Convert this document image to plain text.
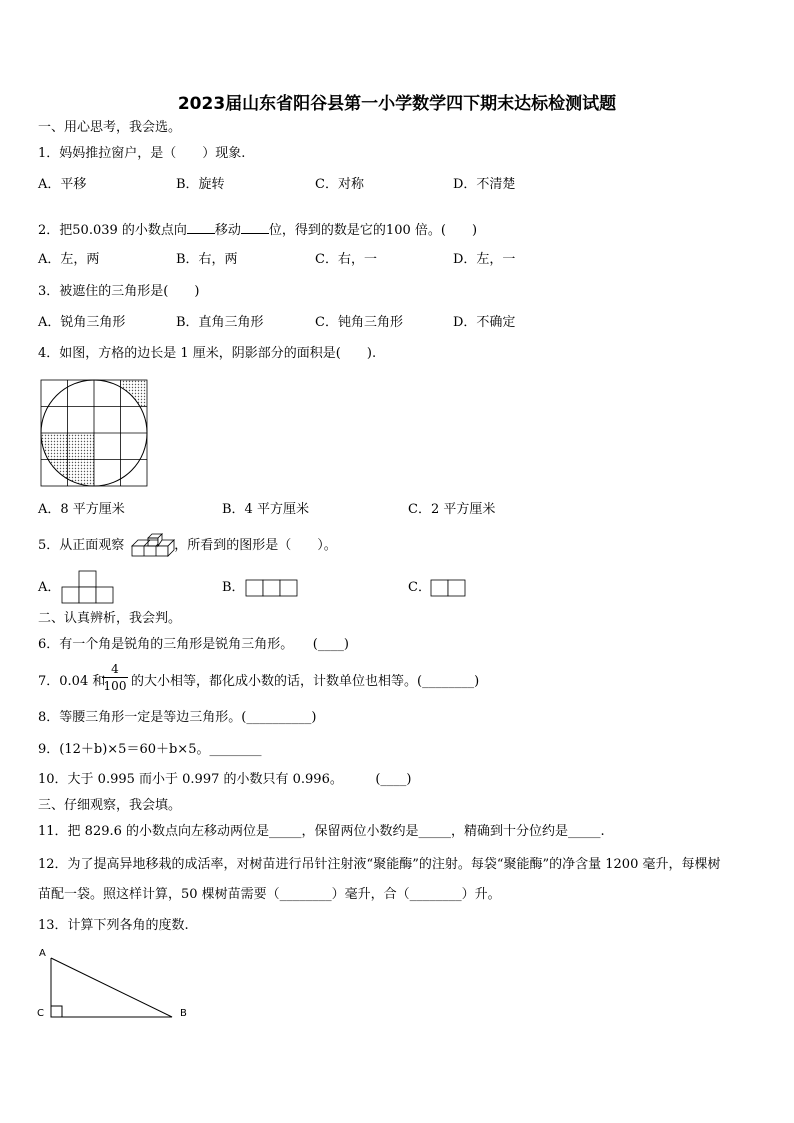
2023届山东省阳谷县第一小学数学四下期末达标检测试题
一、用心思考，我会选。
1．妈妈推拉窗户，是（　　）现象.
A．平移	B．旋转	C．对称	D．不清楚
2．把50.039 的小数点向 移动 位，得到的数是它的100 倍。(　　)
A．左，两	B．右，两	C．右，一	D．左，一
3．被遮住的三角形是(　　)
A．锐角三角形	B．直角三角形	C．钝角三角形	D．不确定
4．如图，方格的边长是 1 厘米，阴影部分的面积是(　　).
A．8 平方厘米	B．4 平方厘米	C．2 平方厘米
5．从正面观察	，所看到的图形是（　　）。
A．	B．	C．
二、认真辨析，我会判。
6．有一个角是锐角的三角形是锐角三角形。　　(____)
7．0.04 和
4
100 的大小相等，都化成小数的话，计数单位也相等。(________)
8．等腰三角形一定是等边三角形。(__________)
9．(12＋b)×5＝60＋b×5。________
10．大于 0.995 而小于 0.997 的小数只有 0.996。　　　(____)
三、仔细观察，我会填。
11．把 829.6 的小数点向左移动两位是_____，保留两位小数约是_____，精确到十分位约是_____.
12．为了提高异地移栽的成活率，对树苗进行吊针注射液“聚能酶”的注射。每袋“聚能酶”的净含量 1200 毫升，每棵树
苗配一袋。照这样计算，50 棵树苗需要（________）毫升，合（________）升。
13．计算下列各角的度数.
A
C	B
